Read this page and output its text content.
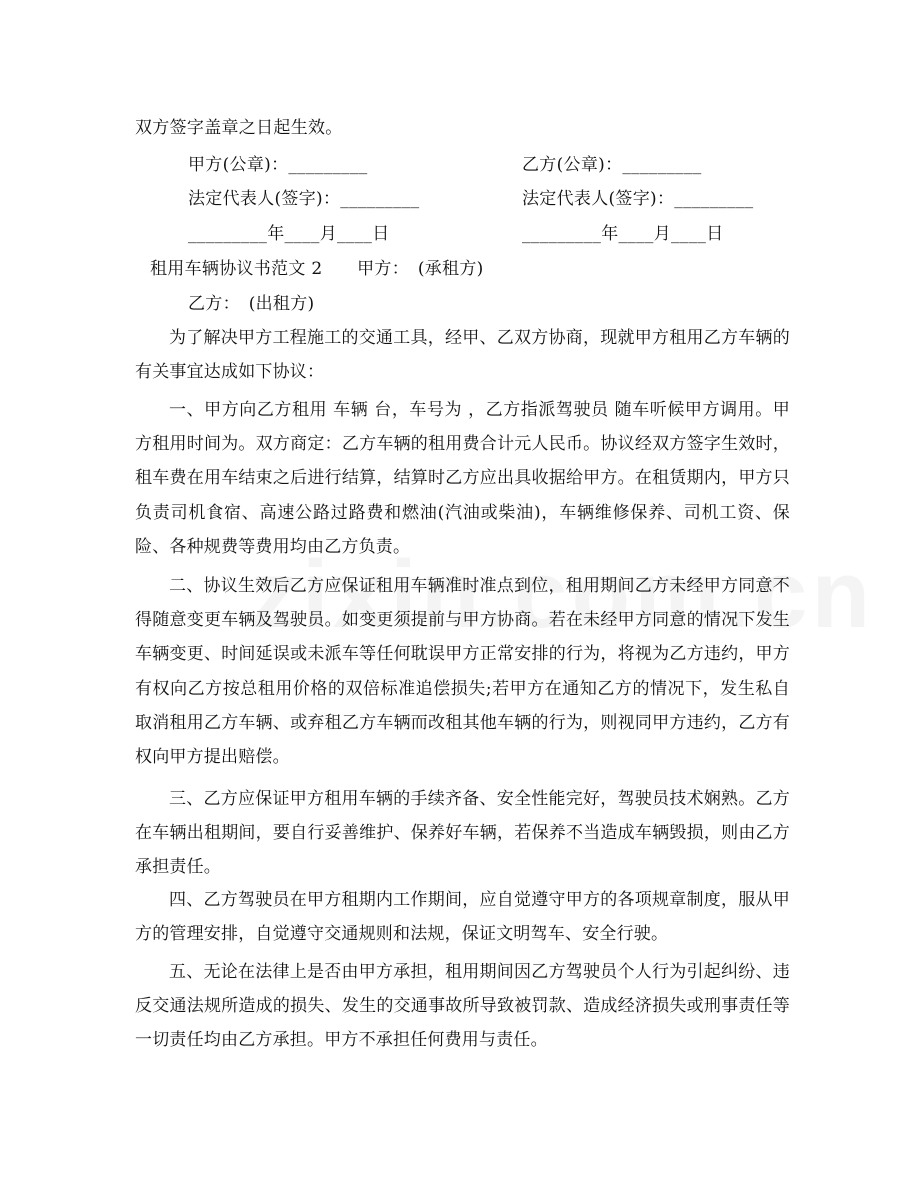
双方签字盖章之日起生效。
甲方(公章)：_________	乙方(公章)：_________
法定代表人(签字)：_________	法定代表人(签字)：_________
_________年____月____日	_________年____月____日
租用车辆协议书范文 2　　甲方：　(承租方)
乙方：　(出租方)
为了解决甲方工程施工的交通工具，经甲、乙双方协商，现就甲方租用乙方车辆的有关事宜达成如下协议：
一、甲方向乙方租用 车辆 台，车号为 ，乙方指派驾驶员 随车听候甲方调用。甲方租用时间为。双方商定：乙方车辆的租用费合计元人民币。协议经双方签字生效时，租车费在用车结束之后进行结算，结算时乙方应出具收据给甲方。在租赁期内，甲方只负责司机食宿、高速公路过路费和燃油(汽油或柴油)，车辆维修保养、司机工资、保险、各种规费等费用均由乙方负责。
二、协议生效后乙方应保证租用车辆准时准点到位，租用期间乙方未经甲方同意不得随意变更车辆及驾驶员。如变更须提前与甲方协商。若在未经甲方同意的情况下发生车辆变更、时间延误或未派车等任何耽误甲方正常安排的行为，将视为乙方违约，甲方有权向乙方按总租用价格的双倍标准追偿损失;若甲方在通知乙方的情况下，发生私自取消租用乙方车辆、或弃租乙方车辆而改租其他车辆的行为，则视同甲方违约，乙方有权向甲方提出赔偿。
三、乙方应保证甲方租用车辆的手续齐备、安全性能完好，驾驶员技术娴熟。乙方在车辆出租期间，要自行妥善维护、保养好车辆，若保养不当造成车辆毁损，则由乙方承担责任。
四、乙方驾驶员在甲方租期内工作期间，应自觉遵守甲方的各项规章制度，服从甲方的管理安排，自觉遵守交通规则和法规，保证文明驾车、安全行驶。
五、无论在法律上是否由甲方承担，租用期间因乙方驾驶员个人行为引起纠纷、违反交通法规所造成的损失、发生的交通事故所导致被罚款、造成经济损失或刑事责任等一切责任均由乙方承担。甲方不承担任何费用与责任。
